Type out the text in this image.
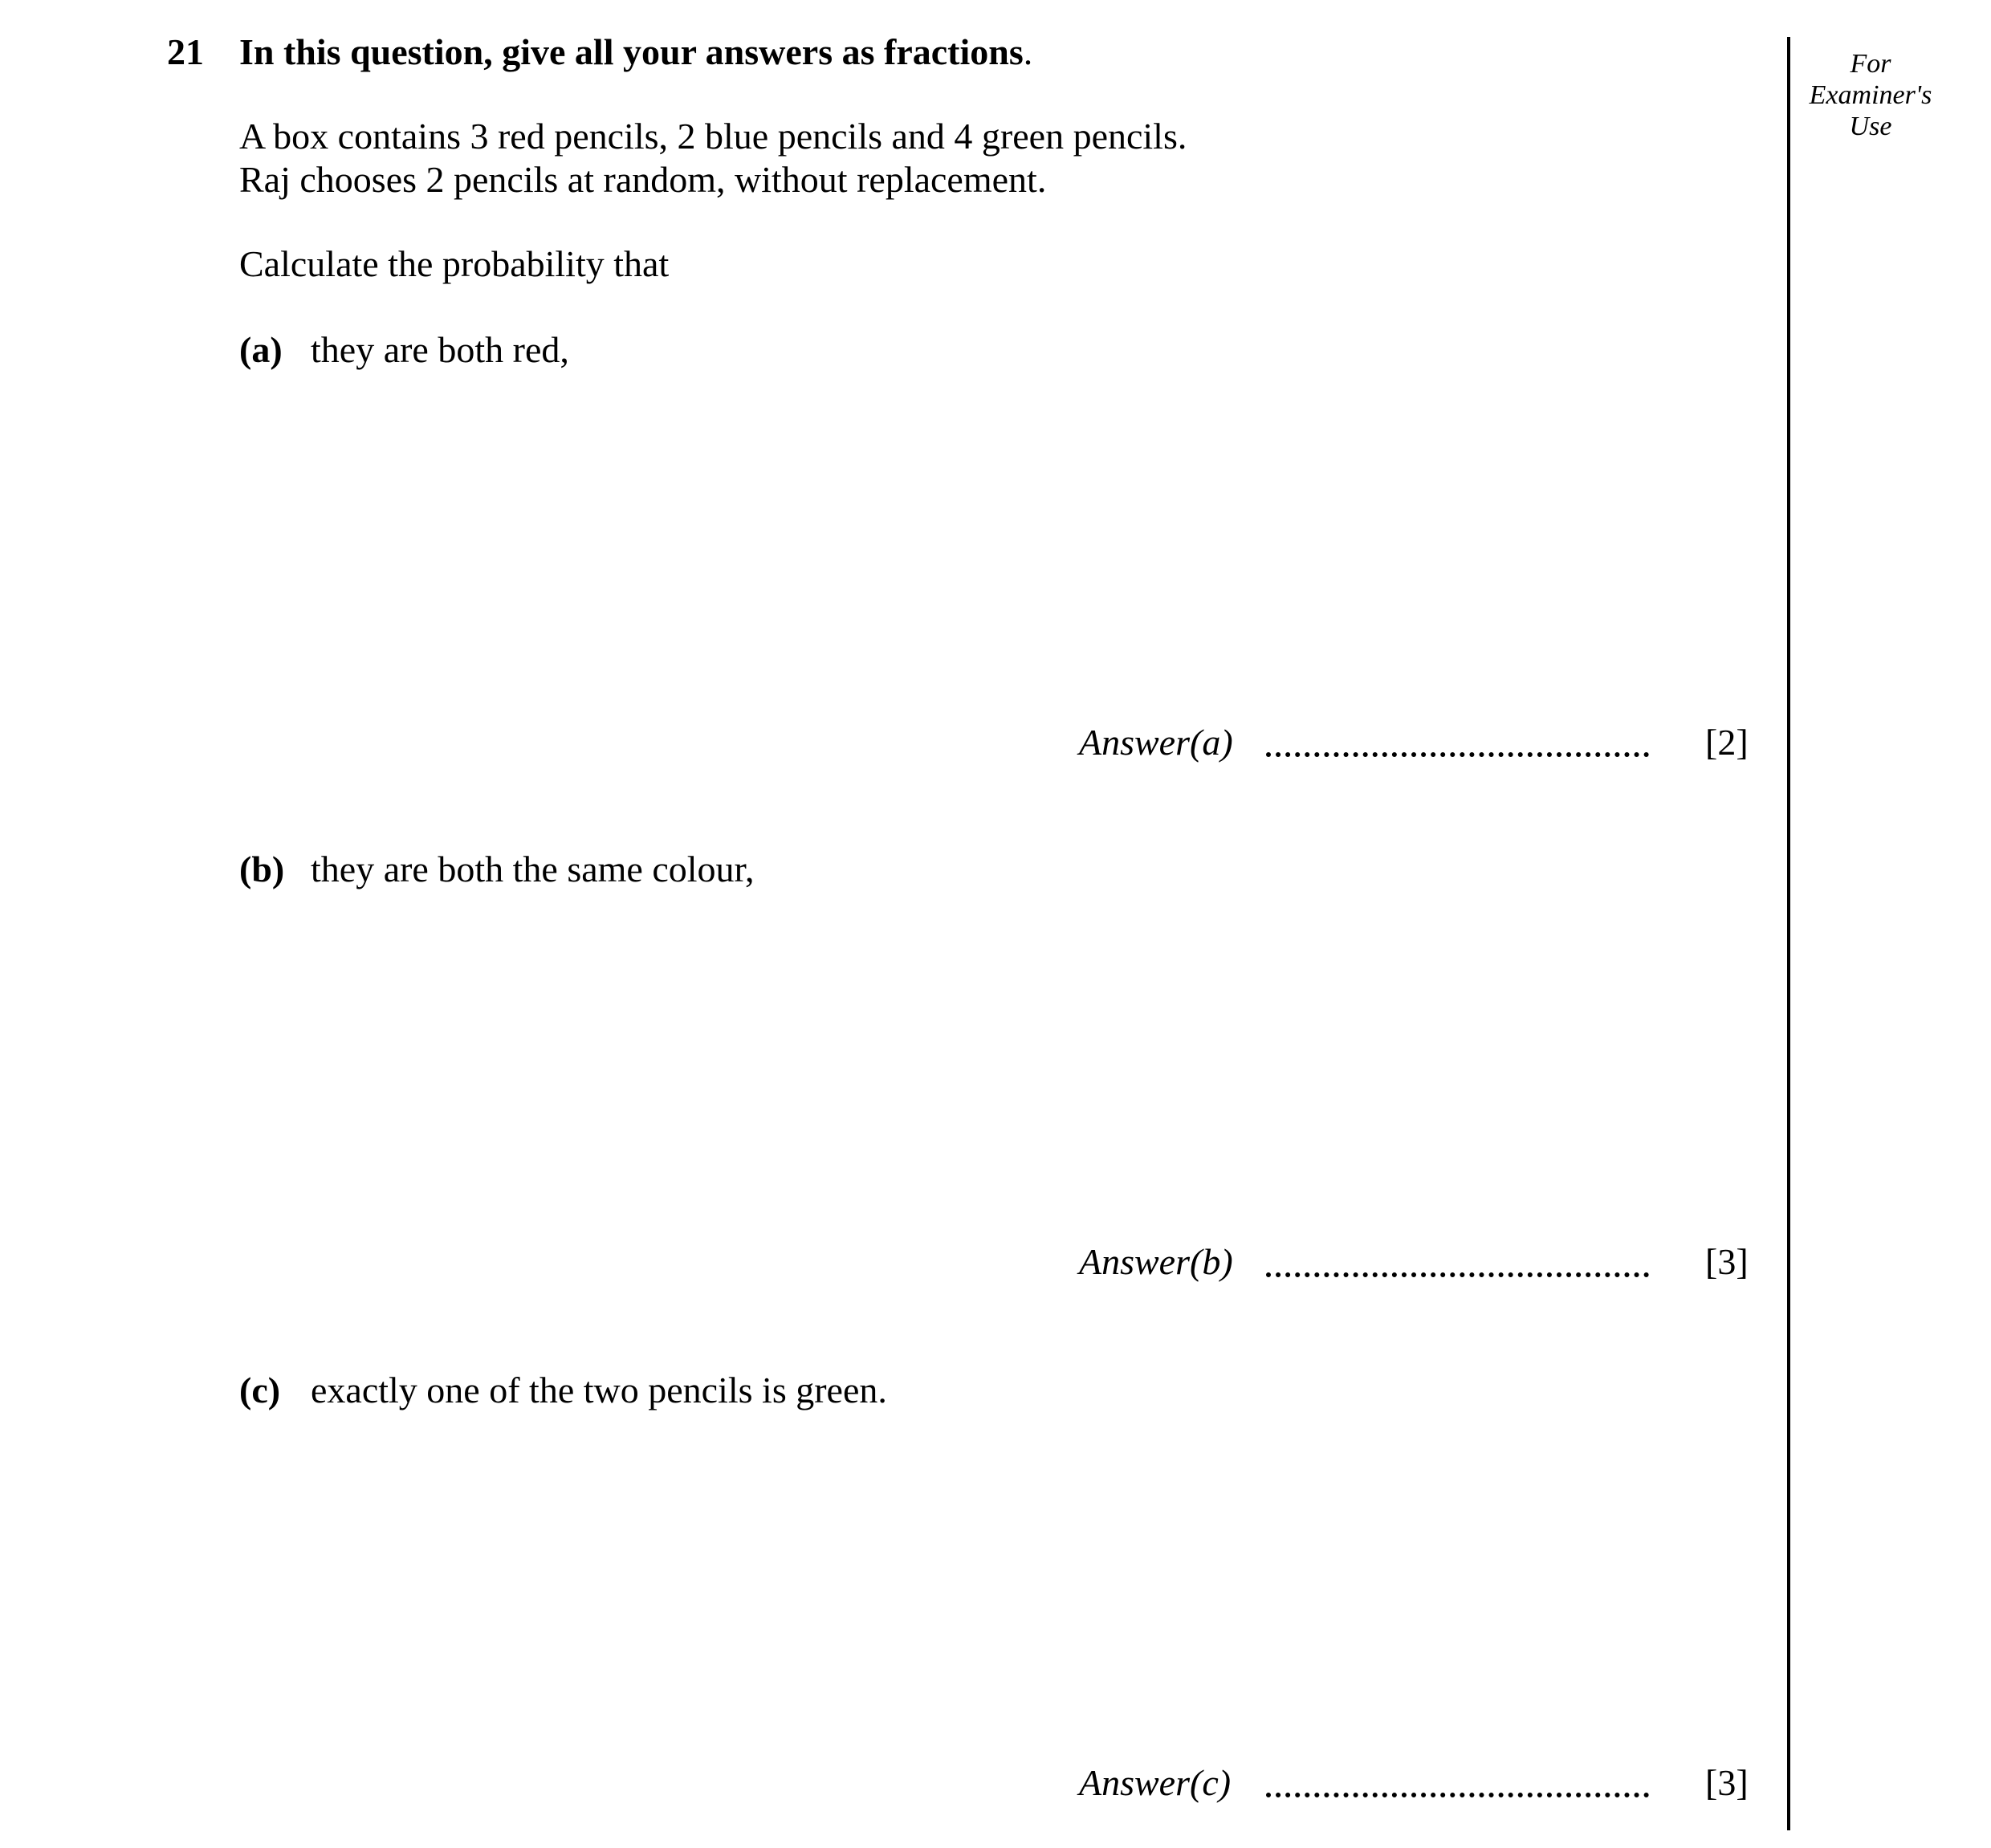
21 In this question, give all your answers as fractions.
A box contains 3 red pencils, 2 blue pencils and 4 green pencils.
Raj chooses 2 pencils at random, without replacement.
Calculate the probability that
(a) they are both red,
Answer(a)	[2]
(b) they are both the same colour,
Answer(b)	[3]
(c) exactly one of the two pencils is green.
Answer(c)	[3]
For
Examiner's
Use
